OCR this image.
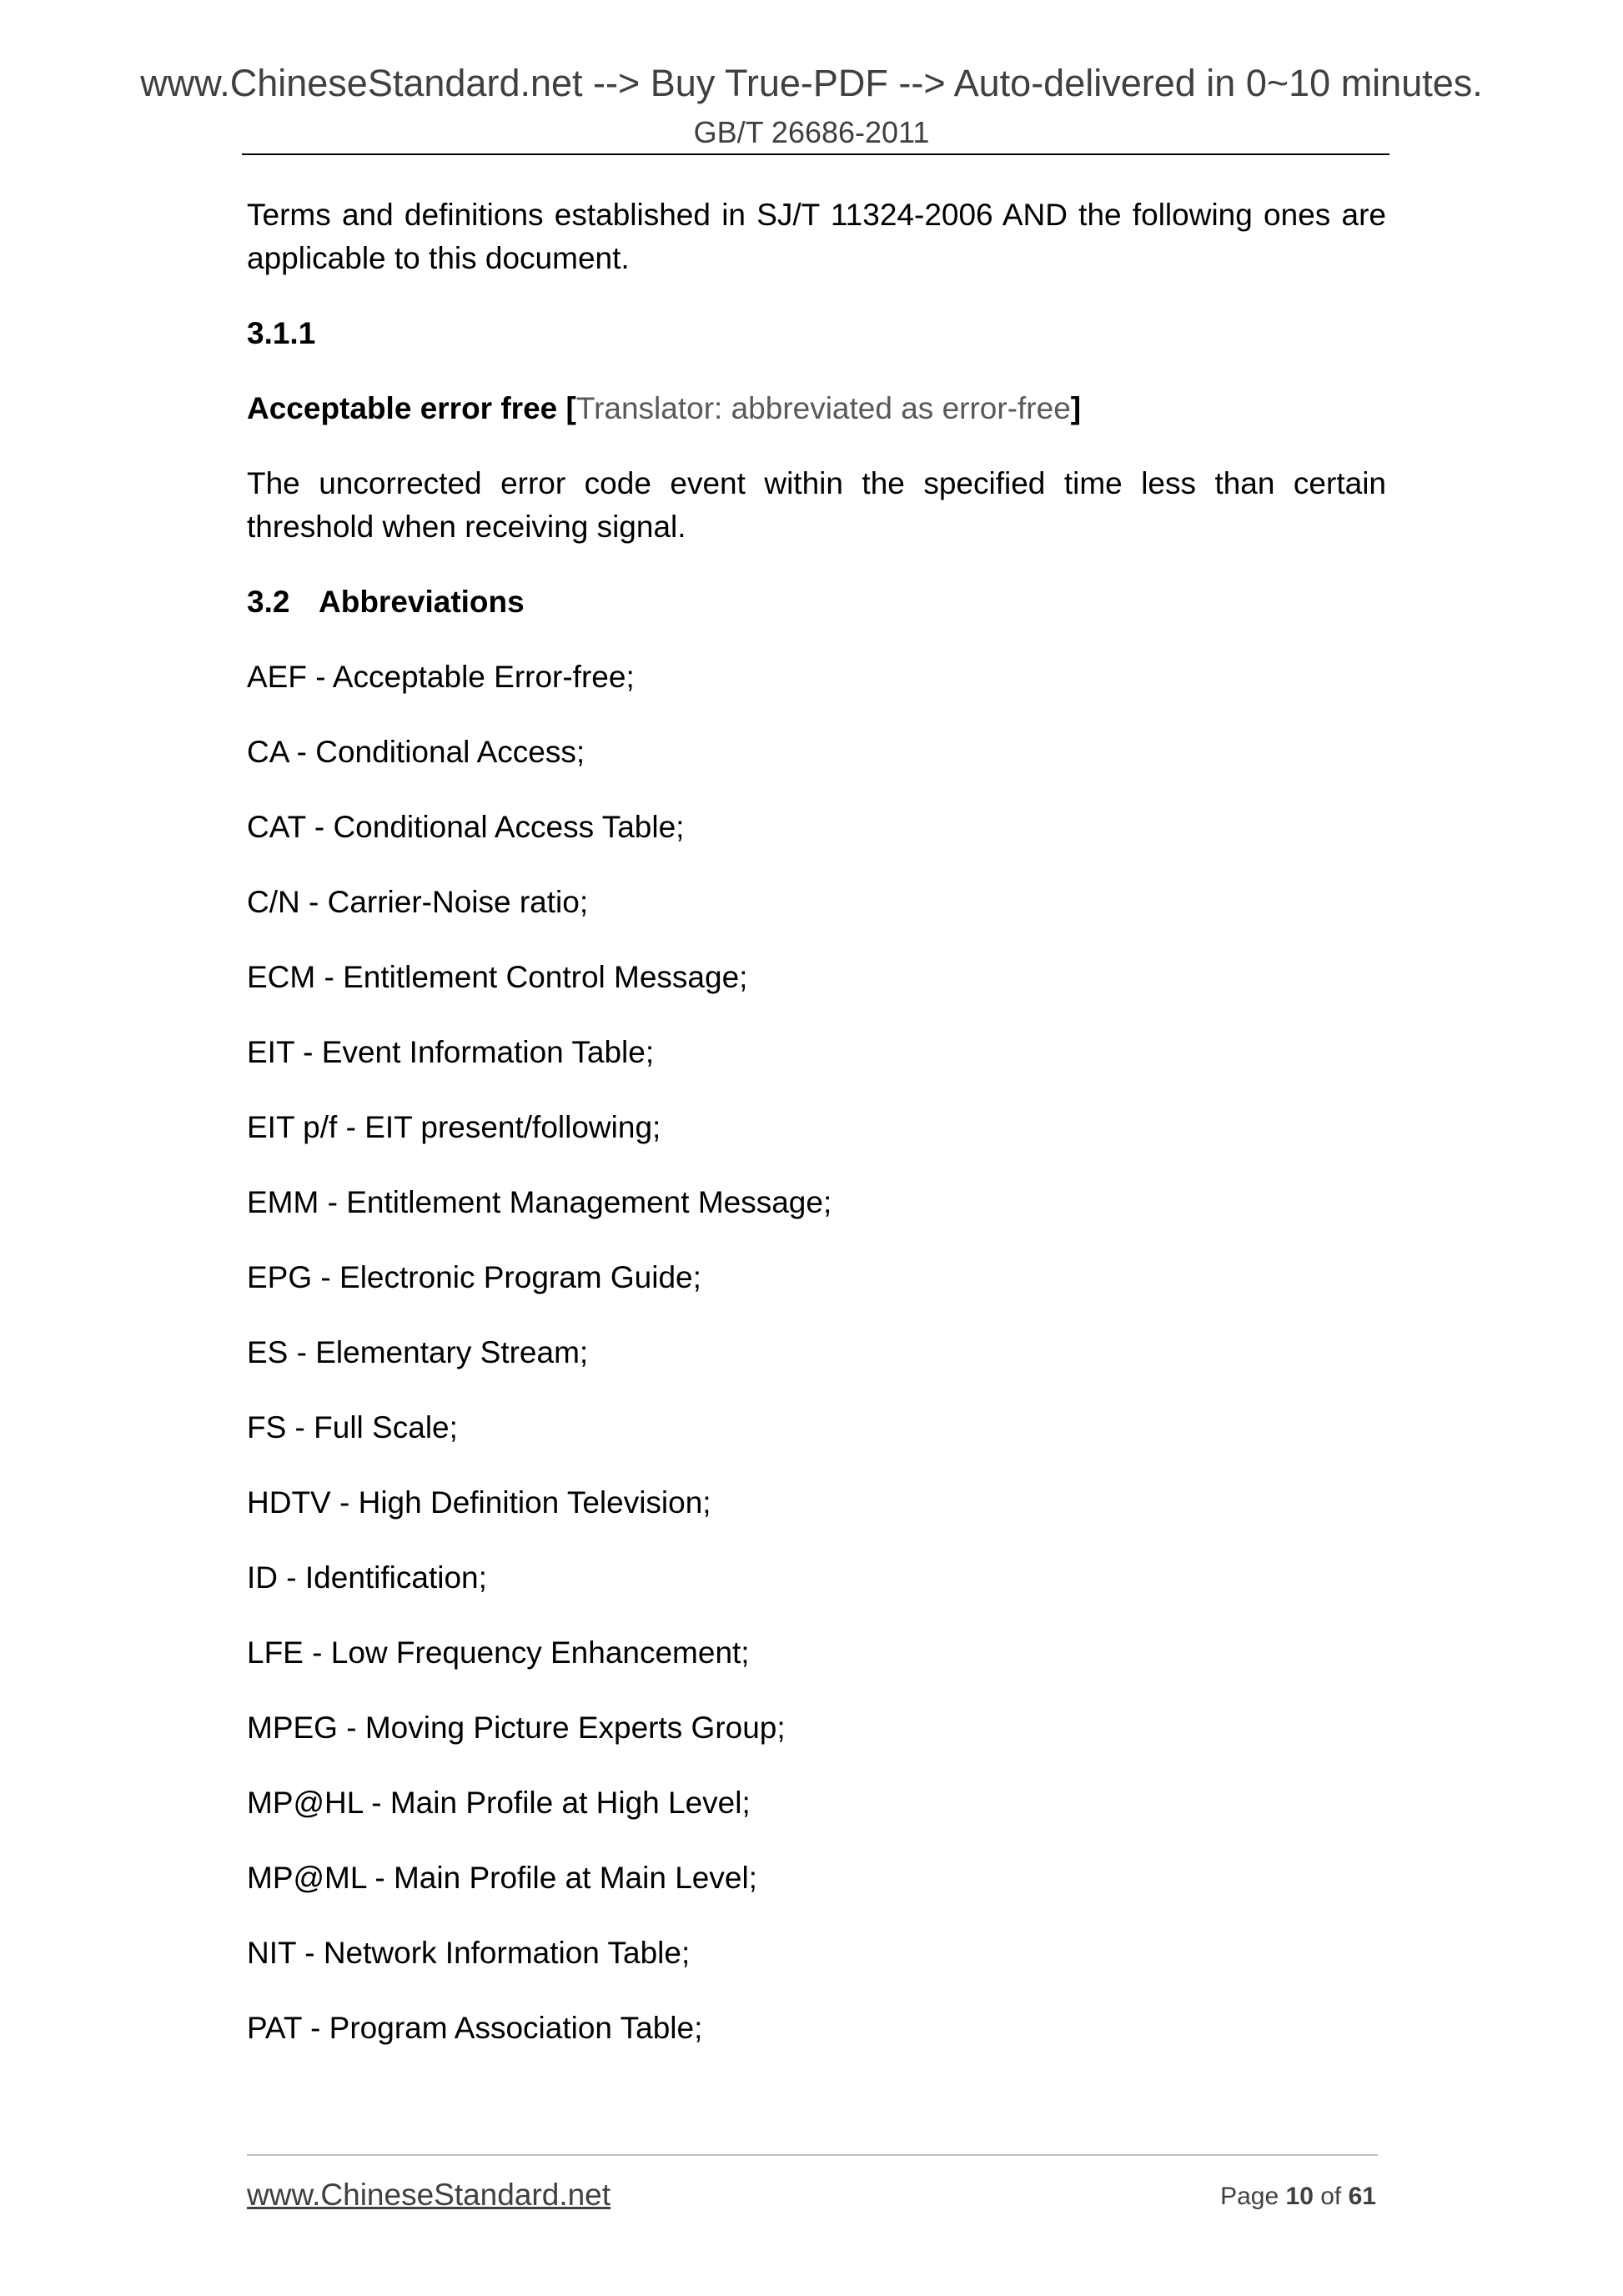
www.ChineseStandard.net --> Buy True-PDF --> Auto-delivered in 0~10 minutes.
GB/T 26686-2011

Terms and definitions established in SJ/T 11324-2006 AND the following ones are applicable to this document.

3.1.1

Acceptable error free [Translator: abbreviated as error-free]

The uncorrected error code event within the specified time less than certain threshold when receiving signal.

3.2 Abbreviations

AEF - Acceptable Error-free;
CA - Conditional Access;
CAT - Conditional Access Table;
C/N - Carrier-Noise ratio;
ECM - Entitlement Control Message;
EIT - Event Information Table;
EIT p/f - EIT present/following;
EMM - Entitlement Management Message;
EPG - Electronic Program Guide;
ES - Elementary Stream;
FS - Full Scale;
HDTV - High Definition Television;
ID - Identification;
LFE - Low Frequency Enhancement;
MPEG - Moving Picture Experts Group;
MP@HL - Main Profile at High Level;
MP@ML - Main Profile at Main Level;
NIT - Network Information Table;
PAT - Program Association Table;
www.ChineseStandard.net	Page 10 of 61
